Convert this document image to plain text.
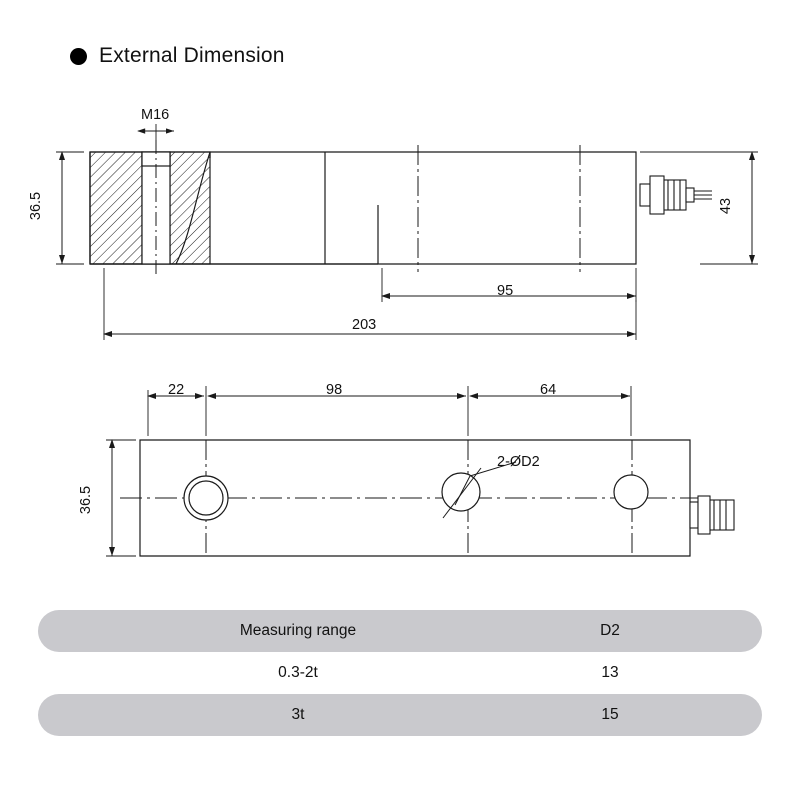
External Dimension
M16
36.5	43
95
203
22	98	64
36.5
2-ØD2
Measuring range	D2
0.3-2t	13
3t	15
